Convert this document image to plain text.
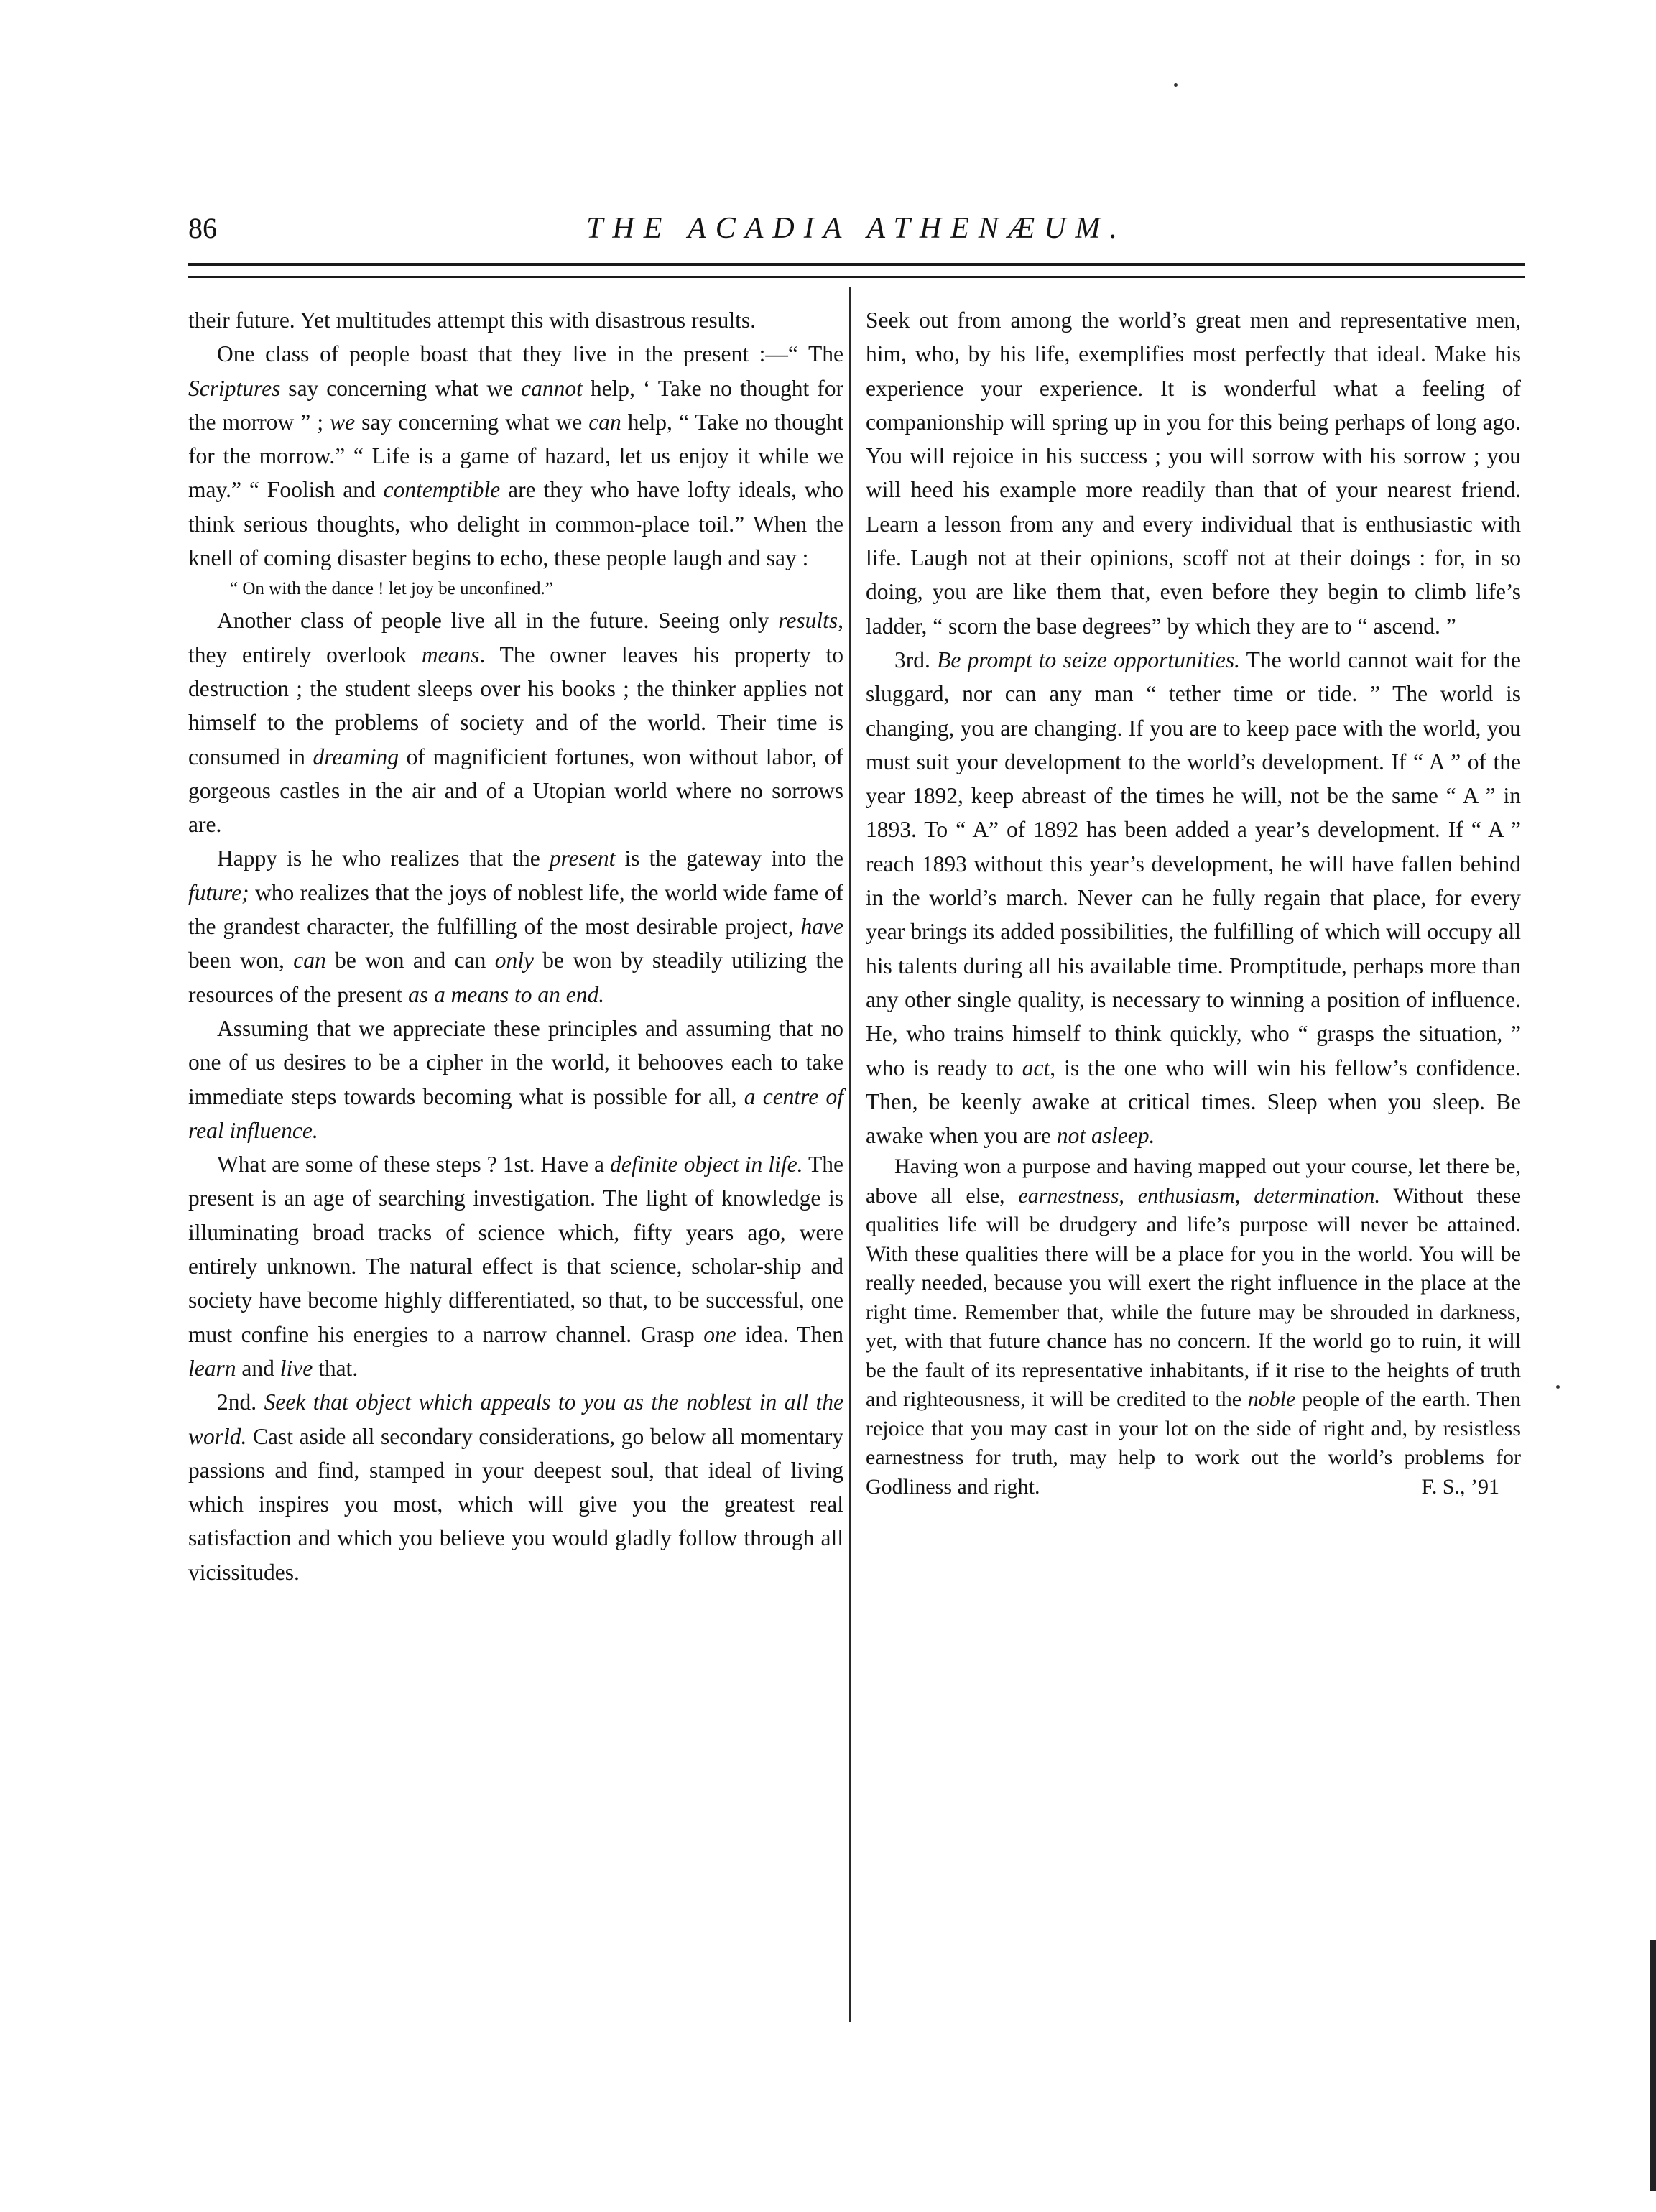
86	THE ACADIA ATHENÆUM.

their future. Yet multitudes attempt this with disastrous results.

One class of people boast that they live in the present :—“ The Scriptures say concerning what we cannot help, ‘ Take no thought for the morrow ” ; we say concerning what we can help, “ Take no thought for the morrow.” “ Life is a game of hazard, let us enjoy it while we may.” “ Foolish and contemptible are they who have lofty ideals, who think serious thoughts, who delight in common-place toil.” When the knell of coming disaster begins to echo, these people laugh and say :

“ On with the dance ! let joy be unconfined.”

Another class of people live all in the future. Seeing only results, they entirely overlook means. The owner leaves his property to destruction ; the student sleeps over his books ; the thinker applies not himself to the problems of society and of the world. Their time is consumed in dreaming of magnificient fortunes, won without labor, of gorgeous castles in the air and of a Utopian world where no sorrows are.

Happy is he who realizes that the present is the gateway into the future; who realizes that the joys of noblest life, the world wide fame of the grandest character, the fulfilling of the most desirable project, have been won, can be won and can only be won by steadily utilizing the resources of the present as a means to an end.

Assuming that we appreciate these principles and assuming that no one of us desires to be a cipher in the world, it behooves each to take immediate steps towards becoming what is possible for all, a centre of real influence.

What are some of these steps ? 1st. Have a definite object in life. The present is an age of searching investigation. The light of knowledge is illuminating broad tracks of science which, fifty years ago, were entirely unknown. The natural effect is that science, scholar-ship and society have become highly differentiated, so that, to be successful, one must confine his energies to a narrow channel. Grasp one idea. Then learn and live that.

2nd. Seek that object which appeals to you as the noblest in all the world. Cast aside all secondary considerations, go below all momentary passions and find, stamped in your deepest soul, that ideal of living which inspires you most, which will give you the greatest real satisfaction and which you believe you would gladly follow through all vicissitudes.

Seek out from among the world’s great men and representative men, him, who, by his life, exemplifies most perfectly that ideal. Make his experience your experience. It is wonderful what a feeling of companionship will spring up in you for this being perhaps of long ago. You will rejoice in his success ; you will sorrow with his sorrow ; you will heed his example more readily than that of your nearest friend. Learn a lesson from any and every individual that is enthusiastic with life. Laugh not at their opinions, scoff not at their doings : for, in so doing, you are like them that, even before they begin to climb life’s ladder, “ scorn the base degrees” by which they are to “ ascend. ”

3rd. Be prompt to seize opportunities. The world cannot wait for the sluggard, nor can any man “ tether time or tide. ” The world is changing, you are changing. If you are to keep pace with the world, you must suit your development to the world’s development. If “ A ” of the year 1892, keep abreast of the times he will, not be the same “ A ” in 1893. To “ A” of 1892 has been added a year’s development. If “ A ” reach 1893 without this year’s development, he will have fallen behind in the world’s march. Never can he fully regain that place, for every year brings its added possibilities, the fulfilling of which will occupy all his talents during all his available time. Promptitude, perhaps more than any other single quality, is necessary to winning a position of influence. He, who trains himself to think quickly, who “ grasps the situation, ” who is ready to act, is the one who will win his fellow’s confidence. Then, be keenly awake at critical times. Sleep when you sleep. Be awake when you are not asleep.

Having won a purpose and having mapped out your course, let there be, above all else, earnestness, enthusiasm, determination. Without these qualities life will be drudgery and life’s purpose will never be attained. With these qualities there will be a place for you in the world. You will be really needed, because you will exert the right influence in the place at the right time. Remember that, while the future may be shrouded in darkness, yet, with that future chance has no concern. If the world go to ruin, it will be the fault of its representative inhabitants, if it rise to the heights of truth and righteousness, it will be credited to the noble people of the earth. Then rejoice that you may cast in your lot on the side of right and, by resistless earnestness for truth, may help to work out the world’s problems for Godliness and right.	F. S., ’91
